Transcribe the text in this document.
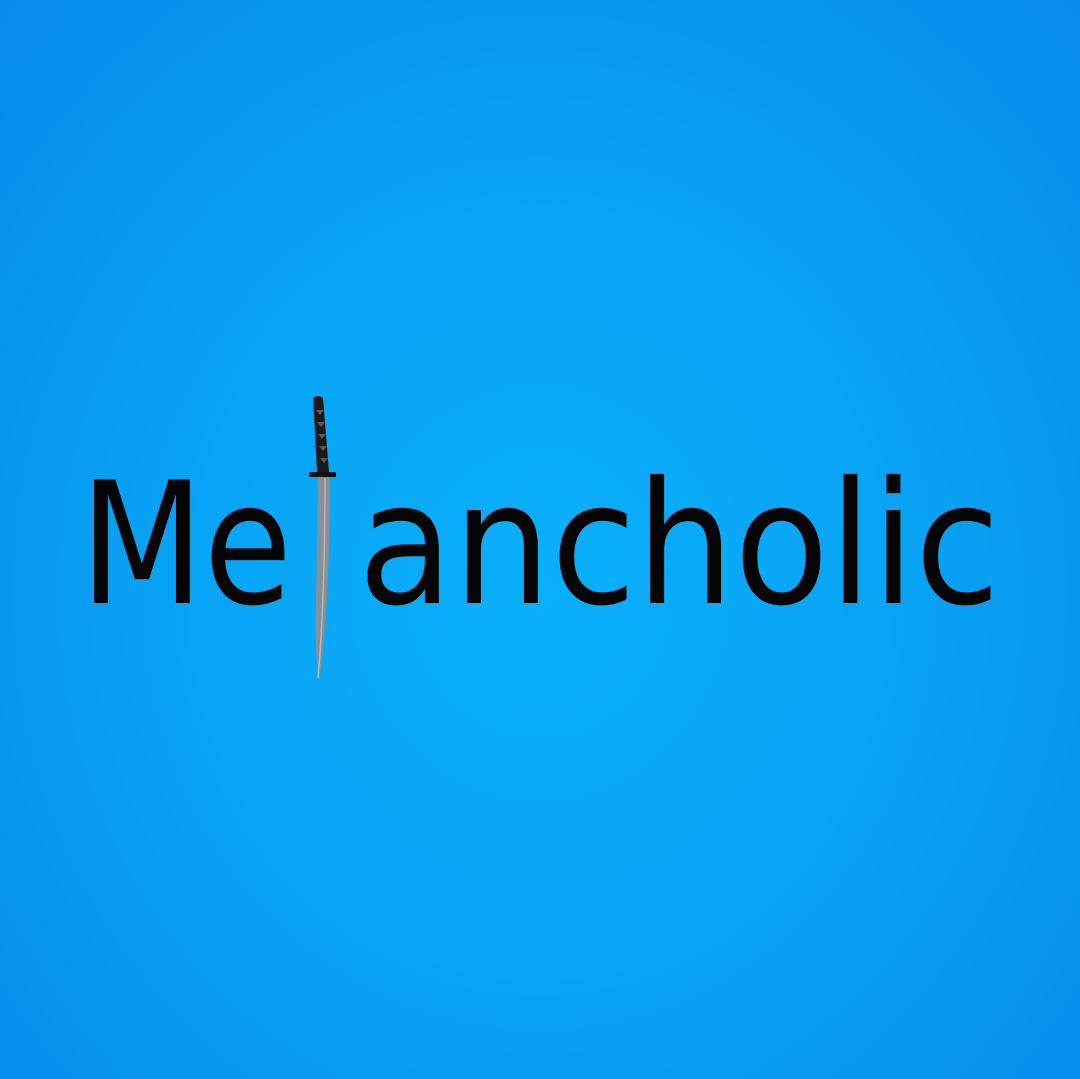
Me ancholic
